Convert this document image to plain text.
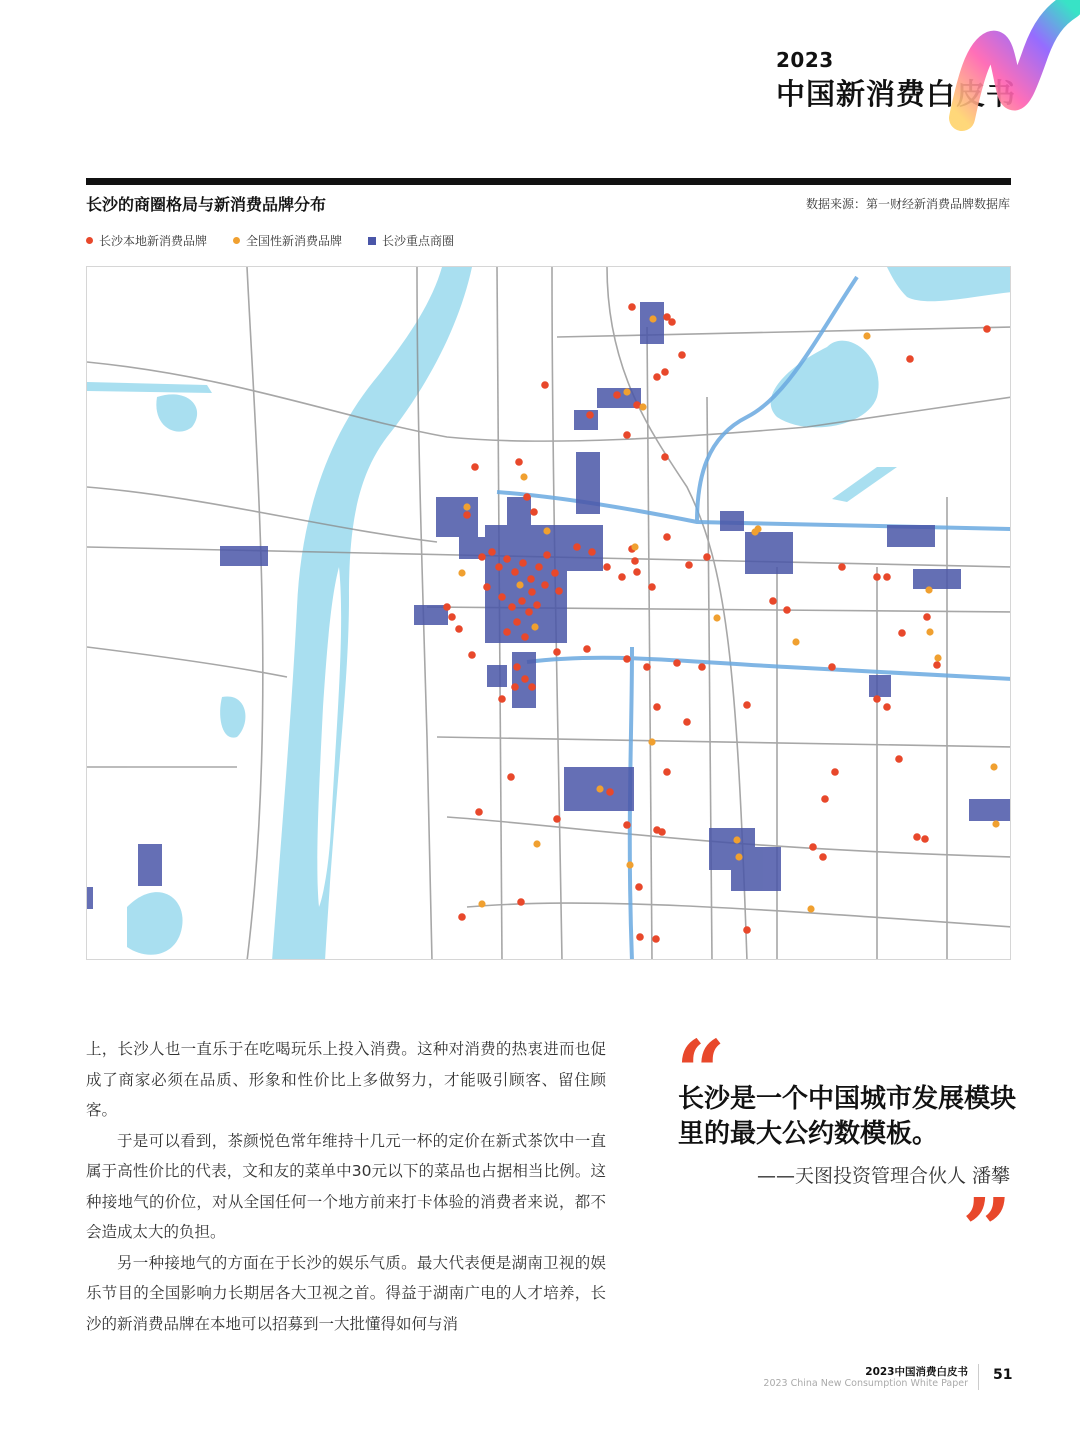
2023
中国新消费白皮书
长沙的商圈格局与新消费品牌分布	数据来源：第一财经新消费品牌数据库
长沙本地新消费品牌	全国性新消费品牌	长沙重点商圈

上，长沙人也一直乐于在吃喝玩乐上投入消费。这种对消费的热衷进而也促成了商家必须在品质、形象和性价比上多做努力，才能吸引顾客、留住顾客。

于是可以看到，茶颜悦色常年维持十几元一杯的定价在新式茶饮中一直属于高性价比的代表，文和友的菜单中30元以下的菜品也占据相当比例。这种接地气的价位，对从全国任何一个地方前来打卡体验的消费者来说，都不会造成太大的负担。

另一种接地气的方面在于长沙的娱乐气质。最大代表便是湖南卫视的娱乐节目的全国影响力长期居各大卫视之首。得益于湖南广电的人才培养，长沙的新消费品牌在本地可以招募到一大批懂得如何与消

“
长沙是一个中国城市发展模块里的最大公约数模板。
——天图投资管理合伙人 潘攀
”
2023中国消费白皮书
2023 China New Consumption White Paper
51
